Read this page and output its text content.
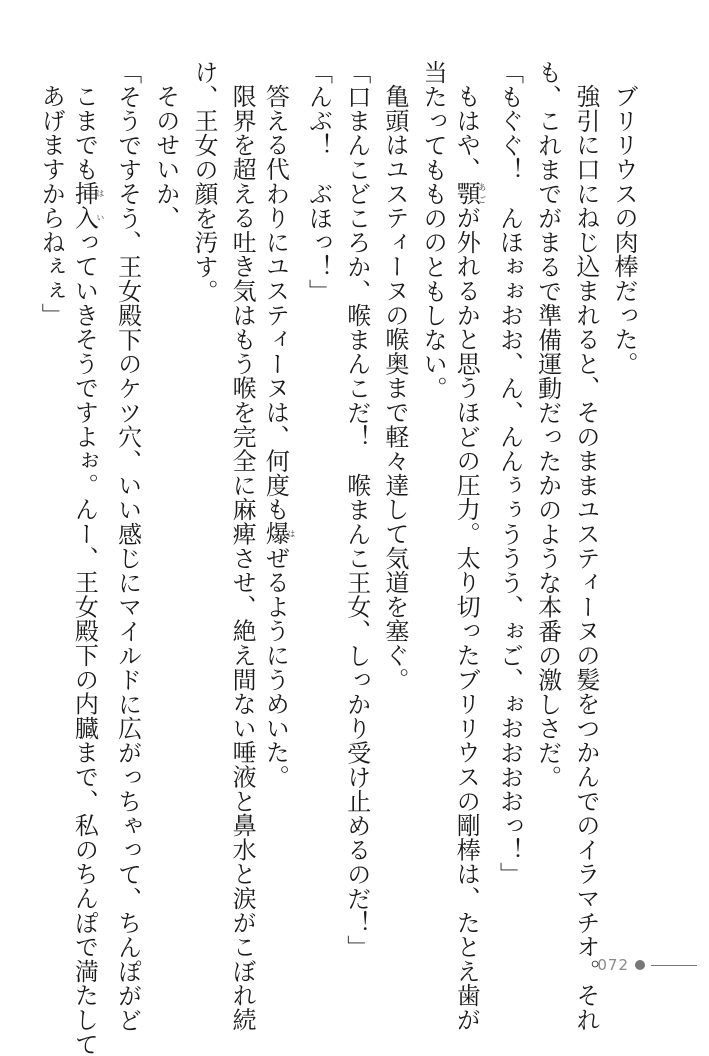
ブリリウスの肉棒だった。
強引に口にねじ込まれると、そのままユスティーヌの髪をつかんでのイラマチオ。それ
も、これまでがまるで準備運動だったかのような本番の激しさだ。
「もぐぐ！　んほぉぉおお、ん、んんぅぅううう、ぉご、ぉおおおおっ！」
もはや、顎あごが外れるかと思うほどの圧力。太り切ったブリリウスの剛棒は、たとえ歯が
当たってももののともしない。
亀頭はユスティーヌの喉奥まで軽々達して気道を塞ぐ。
「口まんこどころか、喉まんこだ！　喉まんこ王女、しっかり受け止めるのだ！」
「んぶ！　ぶほっ！」
答える代わりにユスティーヌは、何度も爆はぜるようにうめいた。
限界を超える吐き気はもう喉を完全に麻痺させ、絶え間ない唾液と鼻水と涙がこぼれ続
け、王女の顔を汚す。
そのせいか、
「そうですそう、王女殿下のケツ穴、いい感じにマイルドに広がっちゃって、ちんぽがど
こまでも挿入はいっていきそうですよぉ。んー、王女殿下の内臓まで、私のちんぽで満たして
あげますからねぇぇ」
072
